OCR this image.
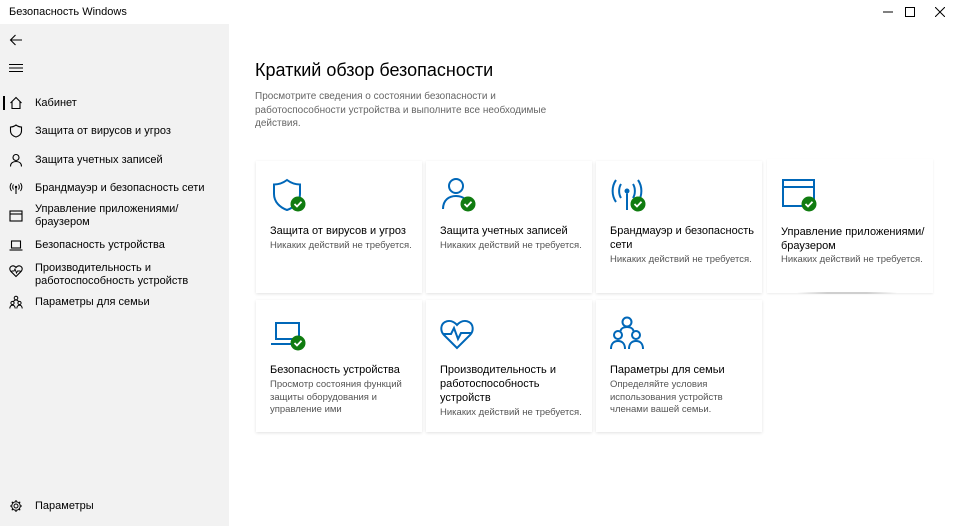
Безопасность Windows
Кабинет
Защита от вирусов и угроз
Защита учетных записей
Брандмауэр и безопасность сети
Управление приложениями/браузером
Безопасность устройства
Производительность и работоспособность устройств
Параметры для семьи
Параметры
Краткий обзор безопасности

Просмотрите сведения о состоянии безопасности и работоспособности устройства и выполните все необходимые действия.

Защита от вирусов и угроз
Никаких действий не требуется.
Защита учетных записей
Никаких действий не требуется.
Брандмауэр и безопасность сети
Никаких действий не требуется.
Управление приложениями/браузером
Никаких действий не требуется.
Безопасность устройства
Просмотр состояния функций защиты оборудования и управление ими
Производительность и работоспособность устройств
Никаких действий не требуется.
Параметры для семьи
Определяйте условия использования устройств членами вашей семьи.
